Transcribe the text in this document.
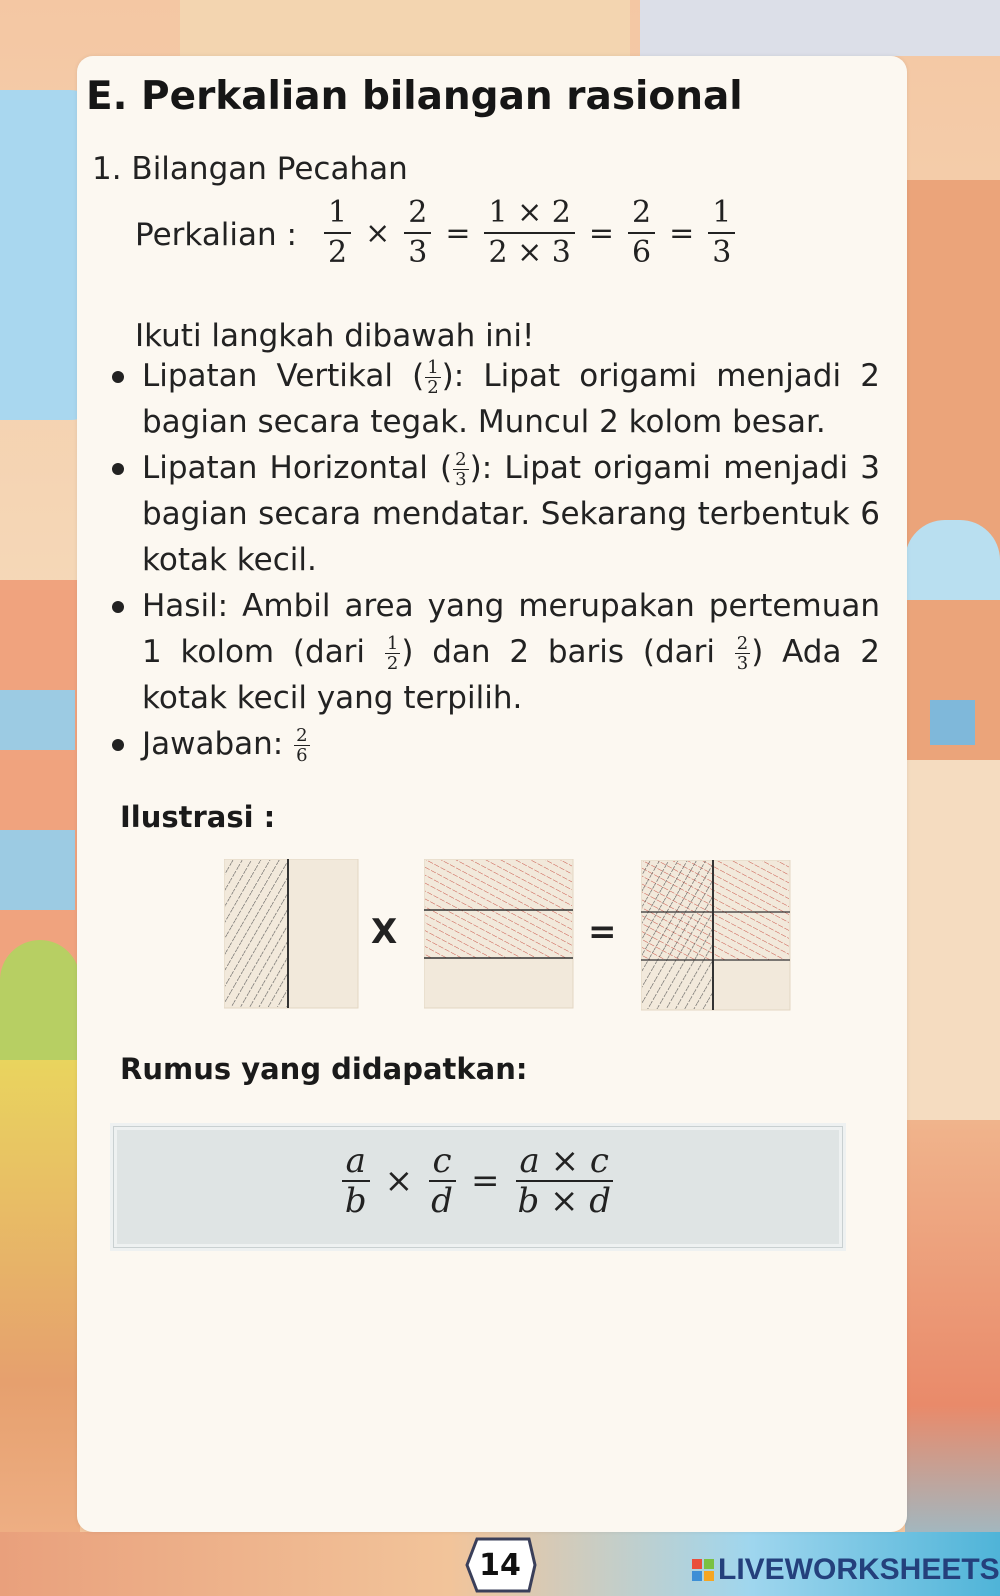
E. Perkalian bilangan rasional
1. Bilangan Pecahan
Perkalian : $\frac{1}{2} \times \frac{2}{3} = \frac{1 \times 2}{2 \times 3} = \frac{2}{6} = \frac{1}{3}$
Ikuti langkah dibawah ini!
Lipatan Vertikal ( $\frac{1}{2}$ ): Lipat origami menjadi 2 bagian secara tegak. Muncul 2 kolom besar.
Lipatan Horizontal ( $\frac{2}{3}$ ): Lipat origami menjadi 3 bagian secara mendatar. Sekarang terbentuk 6 kotak kecil.
Hasil: Ambil area yang merupakan pertemuan 1 kolom (dari $\frac{1}{2}$ ) dan 2 baris (dari $\frac{2}{3}$ ) Ada 2 kotak kecil yang terpilih.
Jawaban: $\frac{2}{6}$
Ilustrasi :
X	=
Rumus yang didapatkan:
$\frac{a}{b} \times \frac{c}{d} = \frac{a \times c}{b \times d}$
14	LIVEWORKSHEETS
